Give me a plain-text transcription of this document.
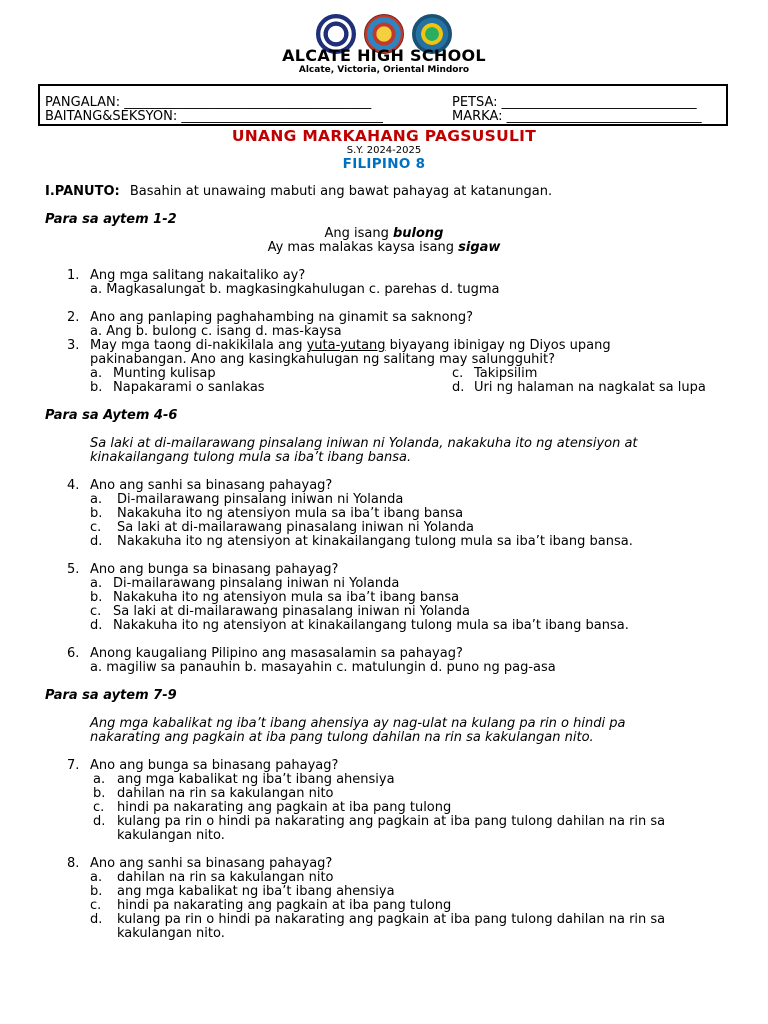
ALCATE HIGH SCHOOL
Alcate, Victoria, Oriental Mindoro
PANGALAN: ______________________________________
BAITANG&SEKSYON: _______________________________
PETSA: ______________________________
MARKA: ______________________________
UNANG MARKAHANG PAGSUSULIT
S.Y. 2024-2025
FILIPINO 8
I.PANUTO: Basahin at unawaing mabuti ang bawat pahayag at katanungan.
Para sa aytem 1-2
Ang isang bulong
Ay mas malakas kaysa isang sigaw
1. Ang mga salitang nakaitaliko ay?
a. Magkasalungat b. magkasingkahulugan c. parehas d. tugma
2. Ano ang panlaping paghahambing na ginamit sa saknong?
a. Ang b. bulong c. isang d. mas-kaysa
3. May mga taong di-nakikilala ang yuta-yutang biyayang ibinigay ng Diyos upang
pakinabangan. Ano ang kasingkahulugan ng salitang may salungguhit?
a. Munting kulisap
b. Napakarami o sanlakas
c. Takipsilim
d. Uri ng halaman na nagkalat sa lupa
Para sa Aytem 4-6
Sa laki at di-mailarawang pinsalang iniwan ni Yolanda, nakakuha ito ng atensiyon at
kinakailangang tulong mula sa iba’t ibang bansa.
4. Ano ang sanhi sa binasang pahayag?
a. Di-mailarawang pinsalang iniwan ni Yolanda
b. Nakakuha ito ng atensiyon mula sa iba’t ibang bansa
c. Sa laki at di-mailarawang pinasalang iniwan ni Yolanda
d. Nakakuha ito ng atensiyon at kinakailangang tulong mula sa iba’t ibang bansa.
5. Ano ang bunga sa binasang pahayag?
a. Di-mailarawang pinsalang iniwan ni Yolanda
b. Nakakuha ito ng atensiyon mula sa iba’t ibang bansa
c. Sa laki at di-mailarawang pinasalang iniwan ni Yolanda
d. Nakakuha ito ng atensiyon at kinakailangang tulong mula sa iba’t ibang bansa.
6. Anong kaugaliang Pilipino ang masasalamin sa pahayag?
a. magiliw sa panauhin b. masayahin c. matulungin d. puno ng pag-asa
Para sa aytem 7-9
Ang mga kabalikat ng iba’t ibang ahensiya ay nag-ulat na kulang pa rin o hindi pa
nakarating ang pagkain at iba pang tulong dahilan na rin sa kakulangan nito.
7. Ano ang bunga sa binasang pahayag?
a. ang mga kabalikat ng iba’t ibang ahensiya
b. dahilan na rin sa kakulangan nito
c. hindi pa nakarating ang pagkain at iba pang tulong
d. kulang pa rin o hindi pa nakarating ang pagkain at iba pang tulong dahilan na rin sa
kakulangan nito.
8. Ano ang sanhi sa binasang pahayag?
a. dahilan na rin sa kakulangan nito
b. ang mga kabalikat ng iba’t ibang ahensiya
c. hindi pa nakarating ang pagkain at iba pang tulong
d. kulang pa rin o hindi pa nakarating ang pagkain at iba pang tulong dahilan na rin sa
kakulangan nito.
